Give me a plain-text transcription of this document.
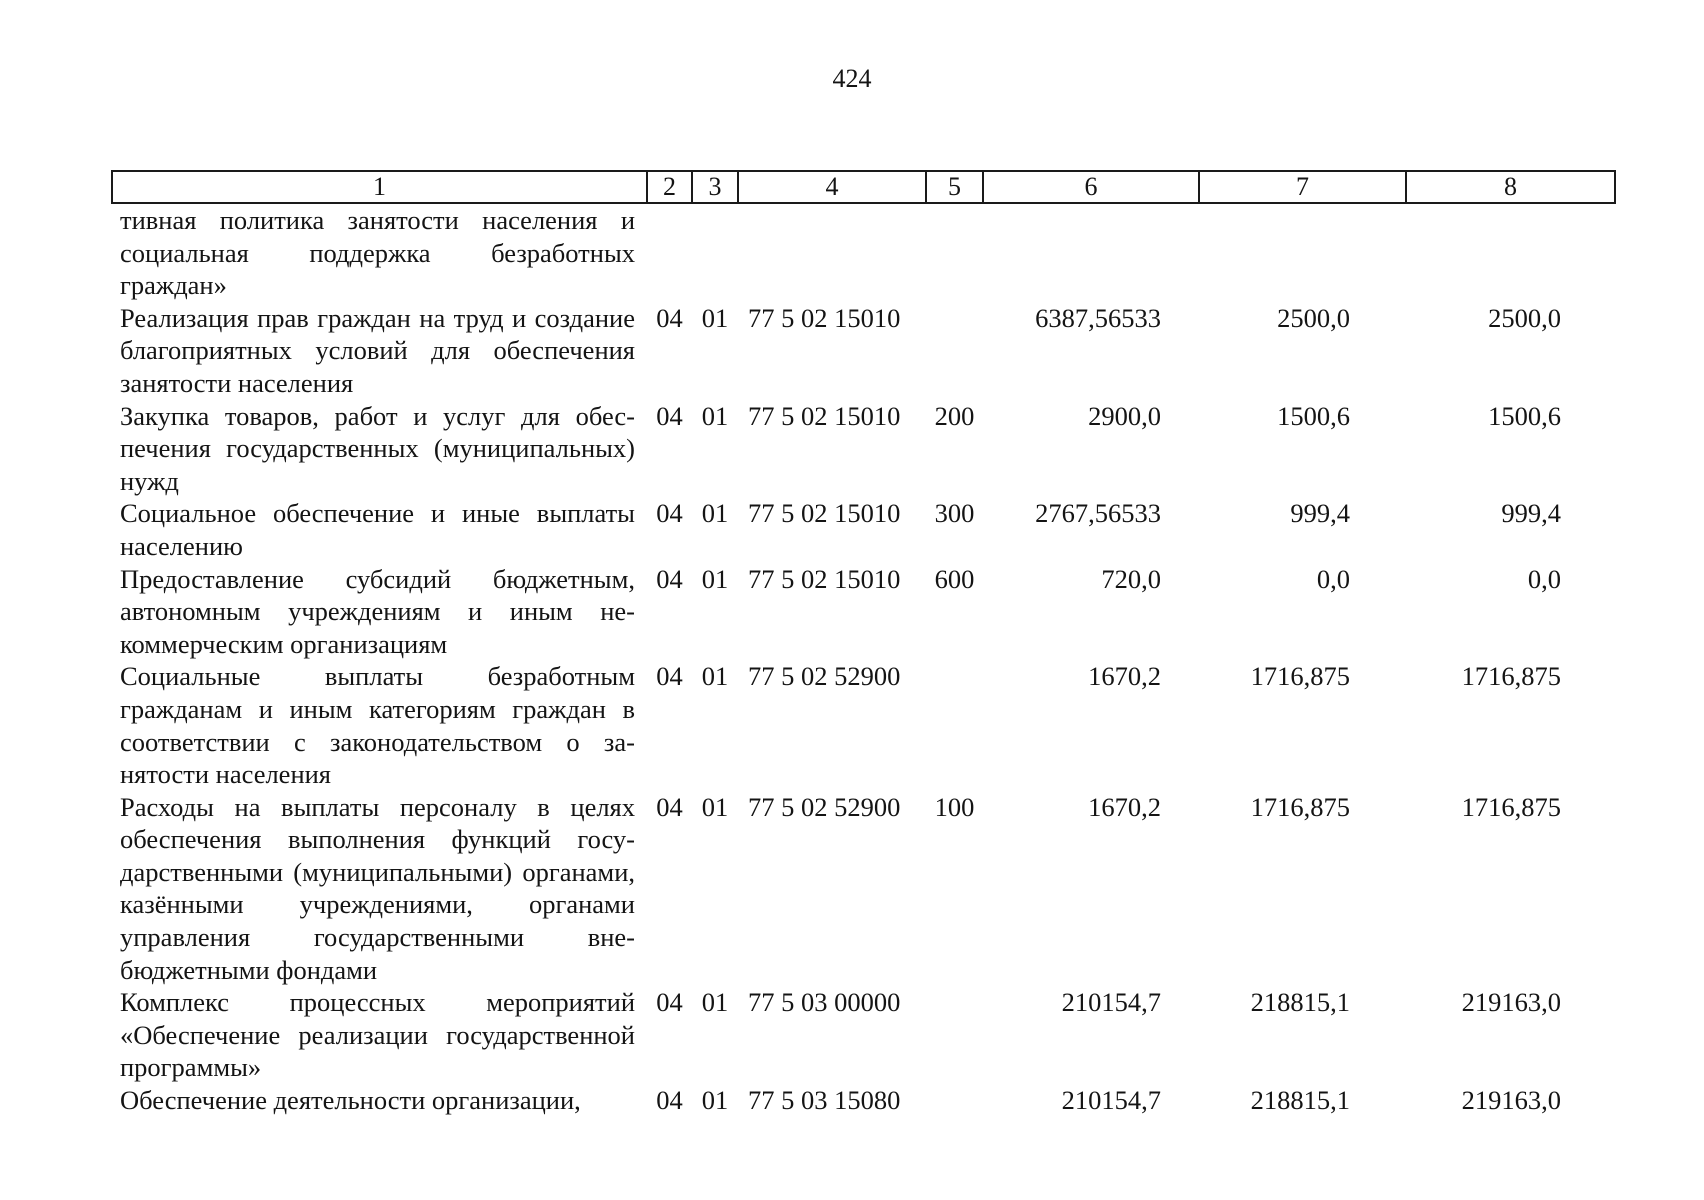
424
1	2	3	4	5	6	7	8
тивная политика занятости населения и социальная поддержка безработных граждан»							
Реализация прав граждан на труд и создание благоприятных условий для обеспечения занятости населения	04	01	77 5 02 15010		6387,56533	2500,0	2500,0
Закупка товаров, работ и услуг для обеспечения государственных (муниципальных) нужд	04	01	77 5 02 15010	200	2900,0	1500,6	1500,6
Социальное обеспечение и иные выплаты населению	04	01	77 5 02 15010	300	2767,56533	999,4	999,4
Предоставление субсидий бюджетным, автономным учреждениям и иным некоммерческим организациям	04	01	77 5 02 15010	600	720,0	0,0	0,0
Социальные выплаты безработным гражданам и иным категориям граждан в соответствии с законодательством о занятости населения	04	01	77 5 02 52900		1670,2	1716,875	1716,875
Расходы на выплаты персоналу в целях обеспечения выполнения функций государственными (муниципальными) органами, казёнными учреждениями, органами управления государственными внебюджетными фондами	04	01	77 5 02 52900	100	1670,2	1716,875	1716,875
Комплекс процессных мероприятий «Обеспечение реализации государственной программы»	04	01	77 5 03 00000		210154,7	218815,1	219163,0
Обеспечение деятельности организации,	04	01	77 5 03 15080		210154,7	218815,1	219163,0
